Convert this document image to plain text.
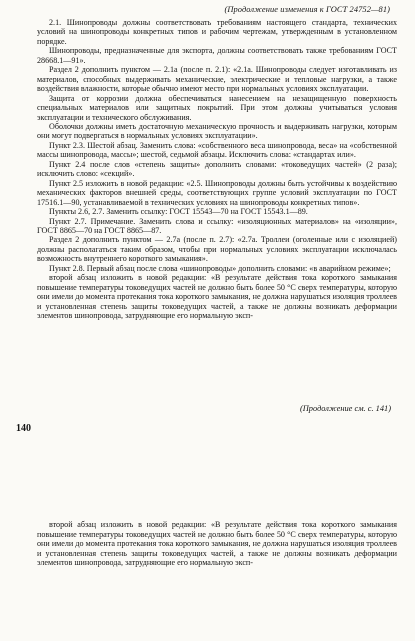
(Продолжение изменения к ГОСТ 24752—81)

2.1. Шинопроводы должны соответствовать требованиям настоящего стандарта, технических условий на шинопроводы конкретных типов и рабочим чертежам, утвержденным в установленном порядке.

Шинопроводы, предназначенные для экспорта, должны соответствовать также требованиям ГОСТ 28668.1—91».

Раздел 2 дополнить пунктом — 2.1а (после п. 2.1): «2.1а. Шинопроводы следует изготавливать из материалов, способных выдерживать механические, электрические и тепловые нагрузки, а также воздействия влажности, которые обычно имеют место при нормальных условиях эксплуатации.

Защита от коррозии должна обеспечиваться нанесением на незащищенную поверхность специальных материалов или защитных покрытий. При этом должны учитываться условия эксплуатации и технического обслуживания.

Оболочки должны иметь достаточную механическую прочность и выдерживать нагрузки, которым они могут подвергаться в нормальных условиях эксплуатации».

Пункт 2.3. Шестой абзац. Заменить слова: «собственного веса шинопровода, веса» на «собственной массы шинопровода, массы»; шестой, седьмой абзацы. Исключить слова: «стандартах или».

Пункт 2.4 после слов «степень защиты» дополнить словами: «токоведущих частей» (2 раза); исключить слово: «секций».

Пункт 2.5 изложить в новой редакции: «2.5. Шинопроводы должны быть устойчивы к воздействию механических факторов внешней среды, соответствующих группе условий эксплуатации по ГОСТ 17516.1—90, устанавливаемой в технических условиях на шинопроводы конкретных типов».

Пункты 2.6, 2.7. Заменить ссылку: ГОСТ 15543—70 на ГОСТ 15543.1—89.

Пункт 2.7. Примечание. Заменить слова и ссылку: «изоляционных материалов» на «изоляции», ГОСТ 8865—70 на ГОСТ 8865—87.

Раздел 2 дополнить пунктом — 2.7а (после п. 2.7): «2.7а. Троллеи (оголенные или с изоляцией) должны располагаться таким образом, чтобы при нормальных условиях эксплуатации исключалась возможность внутреннего короткого замыкания».

Пункт 2.8. Первый абзац после слова «шинопроводы» дополнить словами: «в аварийном режиме»;

второй абзац изложить в новой редакции: «В результате действия тока короткого замыкания повышение температуры токоведущих частей не должно быть более 50 °С сверх температуры, которую они имели до момента протекания тока короткого замыкания, не должна нарушаться изоляция троллеев и установленная степень защиты токоведущих частей, а также не должны возникать деформации элементов шинопровода, затрудняющие его нормальную эксп-

(Продолжение см. с. 141)
140

второй абзац изложить в новой редакции: «В результате действия тока короткого замыкания повышение температуры токоведущих частей не должно быть более 50 °С сверх температуры, которую они имели до момента протекания тока короткого замыкания, не должна нарушаться изоляция троллеев и установленная степень защиты токоведущих частей, а также не должны возникать деформации элементов шинопровода, затрудняющие его нормальную эксп-
